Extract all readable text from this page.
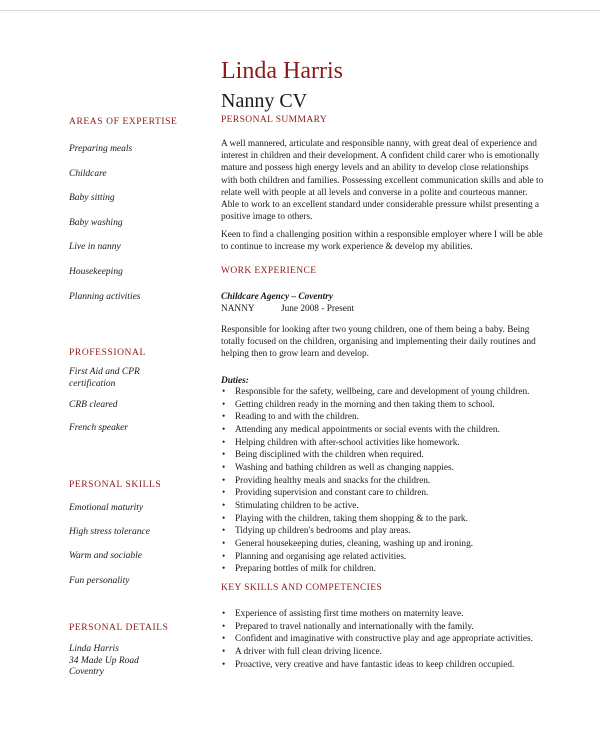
Linda Harris
Nanny CV
AREAS OF EXPERTISE
Preparing meals
Childcare
Baby sitting
Baby washing
Live in nanny
Housekeeping
Planning activities
PROFESSIONAL
First Aid and CPR certification
CRB cleared
French speaker
PERSONAL SKILLS
Emotional maturity
High stress tolerance
Warm and sociable
Fun personality
PERSONAL DETAILS
Linda Harris
34 Made Up Road
Coventry
PERSONAL SUMMARY

A well mannered, articulate and responsible nanny, with great deal of experience and interest in children and their development. A confident child carer who is emotionally mature and possess high energy levels and an ability to develop close relationships with both children and families. Possessing excellent communication skills and able to relate well with people at all levels and converse in a polite and courteous manner. Able to work to an excellent standard under considerable pressure whilst presenting a positive image to others.

Keen to find a challenging position within a responsible employer where I will be able to continue to increase my work experience & develop my abilities.

WORK EXPERIENCE
Childcare Agency – Coventry
NANNY	June 2008 - Present

Responsible for looking after two young children, one of them being a baby. Being totally focused on the children, organising and implementing their daily routines and helping then to grow learn and develop.

Duties:
• Responsible for the safety, wellbeing, care and development of young children.
• Getting children ready in the morning and then taking them to school.
• Reading to and with the children.
• Attending any medical appointments or social events with the children.
• Helping children with after-school activities like homework.
• Being disciplined with the children when required.
• Washing and bathing children as well as changing nappies.
• Providing healthy meals and snacks for the children.
• Providing supervision and constant care to children.
• Stimulating children to be active.
• Playing with the children, taking them shopping & to the park.
• Tidying up children's bedrooms and play areas.
• General housekeeping duties, cleaning, washing up and ironing.
• Planning and organising age related activities.
• Preparing bottles of milk for children.
KEY SKILLS AND COMPETENCIES
• Experience of assisting first time mothers on maternity leave.
• Prepared to travel nationally and internationally with the family.
• Confident and imaginative with constructive play and age appropriate activities.
• A driver with full clean driving licence.
• Proactive, very creative and have fantastic ideas to keep children occupied.
